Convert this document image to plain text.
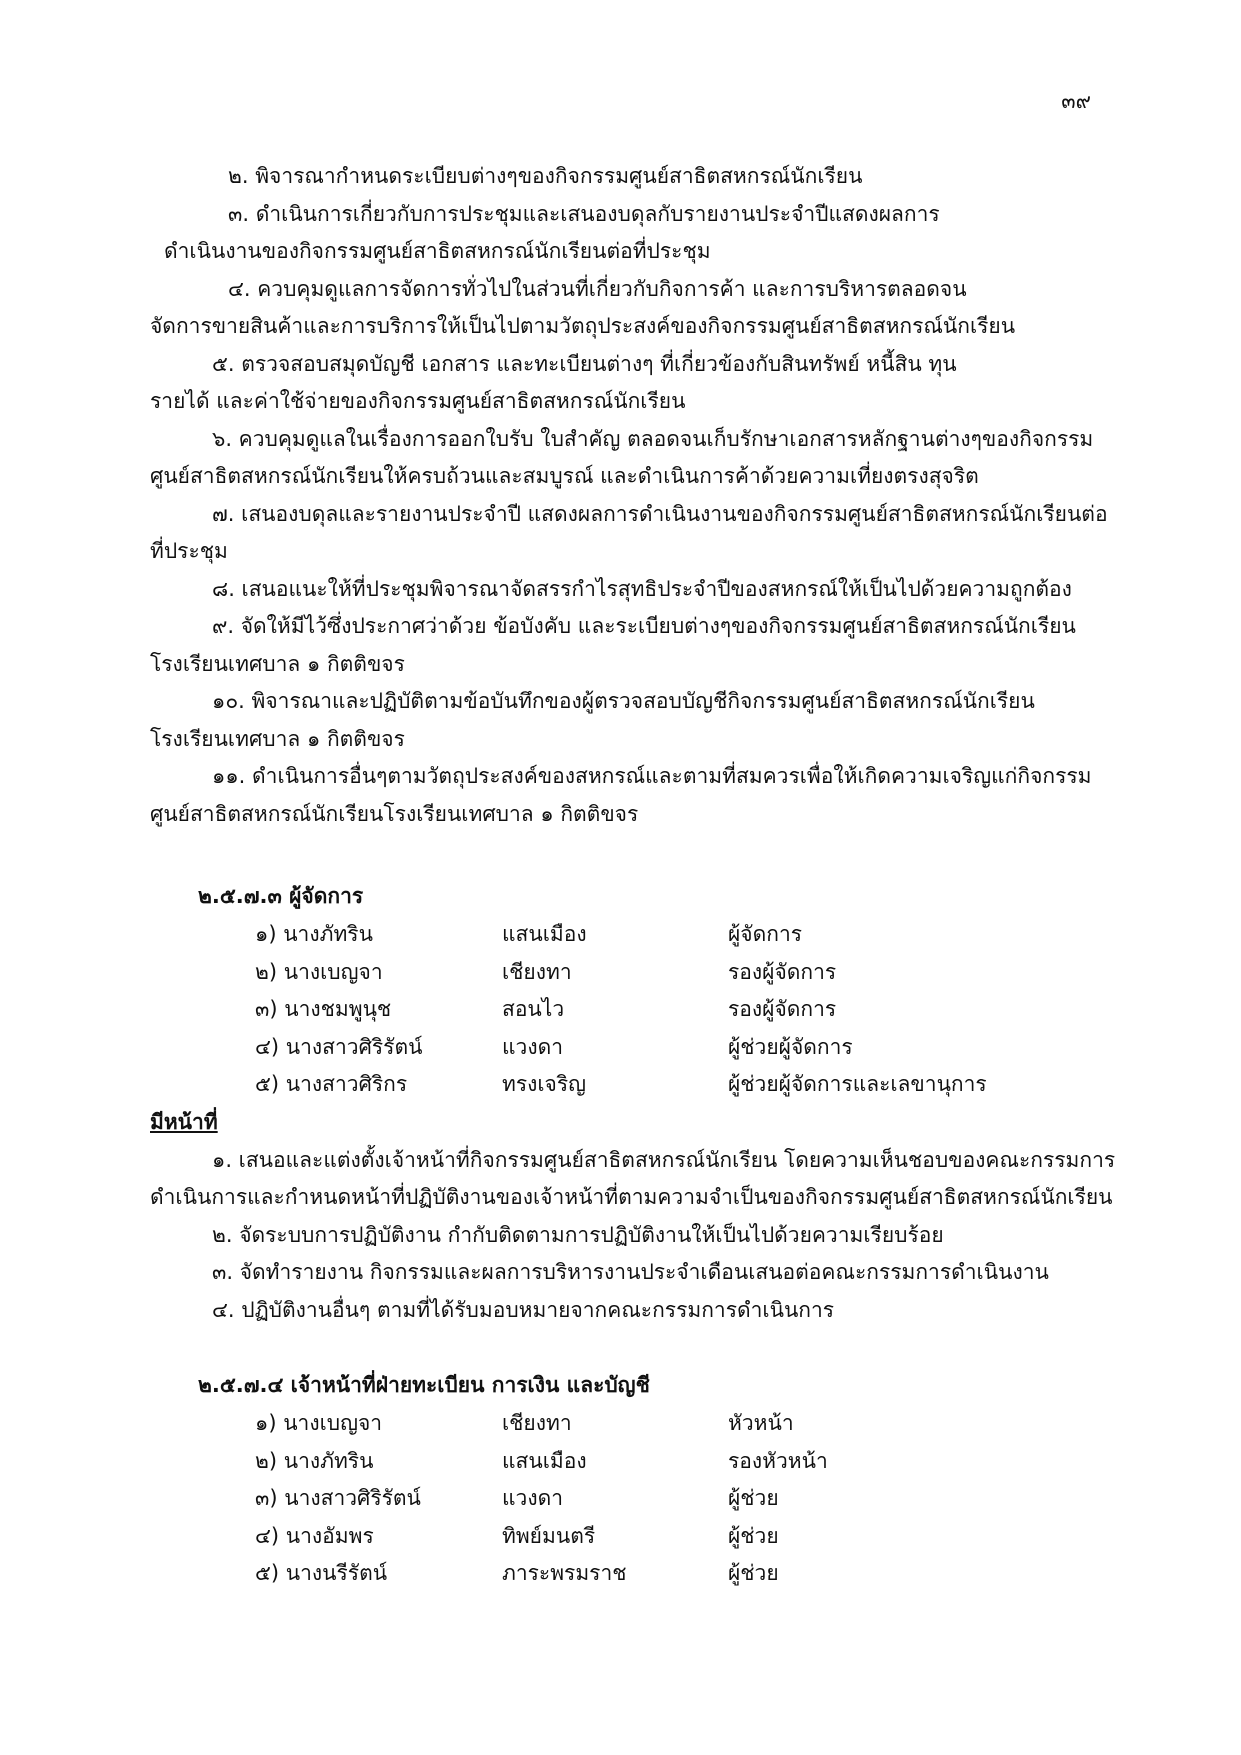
๓๙
๒. พิจารณากำหนดระเบียบต่างๆของกิจกรรมศูนย์สาธิตสหกรณ์นักเรียน
๓. ดำเนินการเกี่ยวกับการประชุมและเสนองบดุลกับรายงานประจำปีแสดงผลการ
ดำเนินงานของกิจกรรมศูนย์สาธิตสหกรณ์นักเรียนต่อที่ประชุม
๔. ควบคุมดูแลการจัดการทั่วไปในส่วนที่เกี่ยวกับกิจการค้า และการบริหารตลอดจน
จัดการขายสินค้าและการบริการให้เป็นไปตามวัตถุประสงค์ของกิจกรรมศูนย์สาธิตสหกรณ์นักเรียน
๕. ตรวจสอบสมุดบัญชี เอกสาร และทะเบียนต่างๆ ที่เกี่ยวข้องกับสินทรัพย์ หนี้สิน ทุน
รายได้ และค่าใช้จ่ายของกิจกรรมศูนย์สาธิตสหกรณ์นักเรียน
๖. ควบคุมดูแลในเรื่องการออกใบรับ ใบสำคัญ ตลอดจนเก็บรักษาเอกสารหลักฐานต่างๆของกิจกรรม
ศูนย์สาธิตสหกรณ์นักเรียนให้ครบถ้วนและสมบูรณ์ และดำเนินการค้าด้วยความเที่ยงตรงสุจริต
๗. เสนองบดุลและรายงานประจำปี แสดงผลการดำเนินงานของกิจกรรมศูนย์สาธิตสหกรณ์นักเรียนต่อ
ที่ประชุม
๘. เสนอแนะให้ที่ประชุมพิจารณาจัดสรรกำไรสุทธิประจำปีของสหกรณ์ให้เป็นไปด้วยความถูกต้อง
๙. จัดให้มีไว้ซึ่งประกาศว่าด้วย ข้อบังคับ และระเบียบต่างๆของกิจกรรมศูนย์สาธิตสหกรณ์นักเรียน
โรงเรียนเทศบาล ๑ กิตติขจร
๑๐. พิจารณาและปฏิบัติตามข้อบันทึกของผู้ตรวจสอบบัญชีกิจกรรมศูนย์สาธิตสหกรณ์นักเรียน
โรงเรียนเทศบาล ๑ กิตติขจร
๑๑. ดำเนินการอื่นๆตามวัตถุประสงค์ของสหกรณ์และตามที่สมควรเพื่อให้เกิดความเจริญแก่กิจกรรม
ศูนย์สาธิตสหกรณ์นักเรียนโรงเรียนเทศบาล ๑ กิตติขจร
๒.๕.๗.๓ ผู้จัดการ
๑) นางภัทริน	แสนเมือง	ผู้จัดการ
๒) นางเบญจา	เชียงทา	รองผู้จัดการ
๓) นางชมพูนุช	สอนไว	รองผู้จัดการ
๔) นางสาวศิริรัตน์	แวงดา	ผู้ช่วยผู้จัดการ
๕) นางสาวศิริกร	ทรงเจริญ	ผู้ช่วยผู้จัดการและเลขานุการ
มีหน้าที่
๑. เสนอและแต่งตั้งเจ้าหน้าที่กิจกรรมศูนย์สาธิตสหกรณ์นักเรียน โดยความเห็นชอบของคณะกรรมการ
ดำเนินการและกำหนดหน้าที่ปฏิบัติงานของเจ้าหน้าที่ตามความจำเป็นของกิจกรรมศูนย์สาธิตสหกรณ์นักเรียน
๒. จัดระบบการปฏิบัติงาน กำกับติดตามการปฏิบัติงานให้เป็นไปด้วยความเรียบร้อย
๓. จัดทำรายงาน กิจกรรมและผลการบริหารงานประจำเดือนเสนอต่อคณะกรรมการดำเนินงาน
๔. ปฏิบัติงานอื่นๆ ตามที่ได้รับมอบหมายจากคณะกรรมการดำเนินการ
๒.๕.๗.๔ เจ้าหน้าที่ฝ่ายทะเบียน การเงิน และบัญชี
๑) นางเบญจา	เชียงทา	หัวหน้า
๒) นางภัทริน	แสนเมือง	รองหัวหน้า
๓) นางสาวศิริรัตน์	แวงดา	ผู้ช่วย
๔) นางอัมพร	ทิพย์มนตรี	ผู้ช่วย
๕) นางนรีรัตน์	ภาระพรมราช	ผู้ช่วย
